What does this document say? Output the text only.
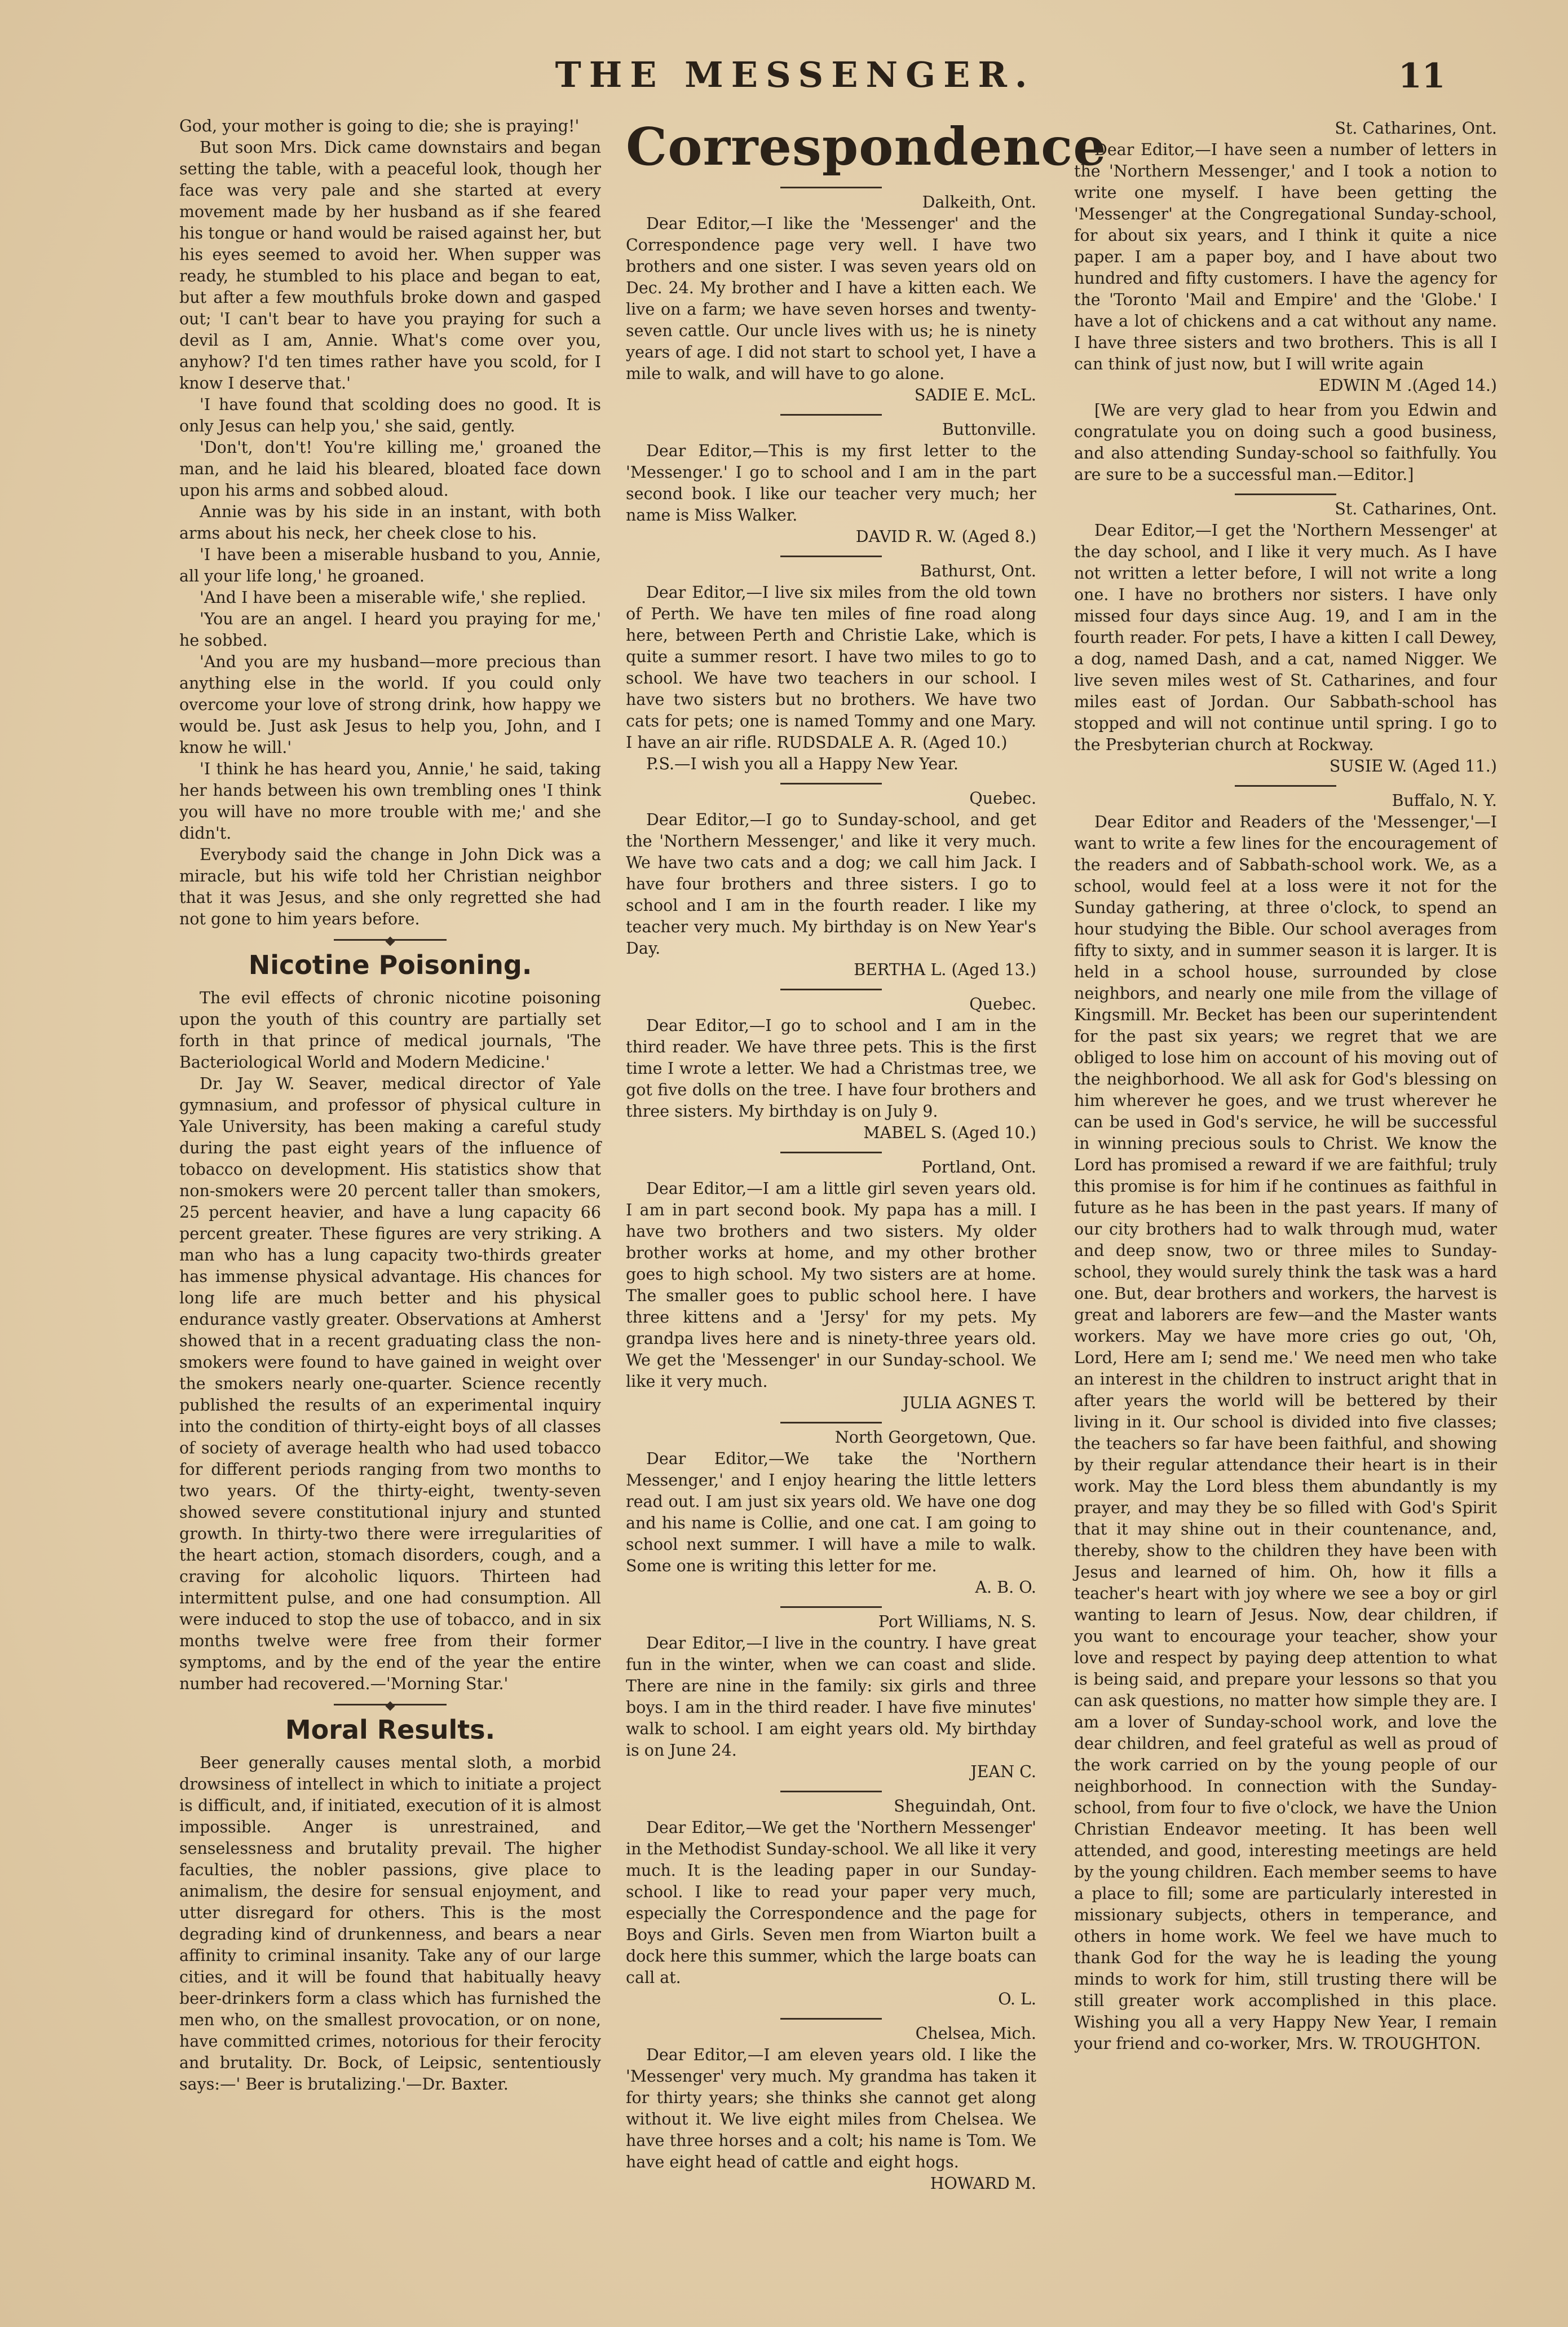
THE MESSENGER.	11

God, your mother is going to die; she is praying!'

But soon Mrs. Dick came downstairs and began setting the table, with a peaceful look, though her face was very pale and she started at every movement made by her husband as if she feared his tongue or hand would be raised against her, but his eyes seemed to avoid her. When supper was ready, he stumbled to his place and began to eat, but after a few mouthfuls broke down and gasped out; 'I can't bear to have you praying for such a devil as I am, Annie. What's come over you, anyhow? I'd ten times rather have you scold, for I know I deserve that.'

'I have found that scolding does no good. It is only Jesus can help you,' she said, gently.

'Don't, don't! You're killing me,' groaned the man, and he laid his bleared, bloated face down upon his arms and sobbed aloud.

Annie was by his side in an instant, with both arms about his neck, her cheek close to his.

'I have been a miserable husband to you, Annie, all your life long,' he groaned.

'And I have been a miserable wife,' she replied.

'You are an angel. I heard you praying for me,' he sobbed.

'And you are my husband—more precious than anything else in the world. If you could only overcome your love of strong drink, how happy we would be. Just ask Jesus to help you, John, and I know he will.'

'I think he has heard you, Annie,' he said, taking her hands between his own trembling ones 'I think you will have no more trouble with me;' and she didn't.

Everybody said the change in John Dick was a miracle, but his wife told her Christian neighbor that it was Jesus, and she only regretted she had not gone to him years before.

Nicotine Poisoning.

The evil effects of chronic nicotine poisoning upon the youth of this country are partially set forth in that prince of medical journals, 'The Bacteriological World and Modern Medicine.'

Dr. Jay W. Seaver, medical director of Yale gymnasium, and professor of physical culture in Yale University, has been making a careful study during the past eight years of the influence of tobacco on development. His statistics show that non-smokers were 20 percent taller than smokers, 25 percent heavier, and have a lung capacity 66 percent greater. These figures are very striking. A man who has a lung capacity two-thirds greater has immense physical advantage. His chances for long life are much better and his physical endurance vastly greater. Observations at Amherst showed that in a recent graduating class the non-smokers were found to have gained in weight over the smokers nearly one-quarter. Science recently published the results of an experimental inquiry into the condition of thirty-eight boys of all classes of society of average health who had used tobacco for different periods ranging from two months to two years. Of the thirty-eight, twenty-seven showed severe constitutional injury and stunted growth. In thirty-two there were irregularities of the heart action, stomach disorders, cough, and a craving for alcoholic liquors. Thirteen had intermittent pulse, and one had consumption. All were induced to stop the use of tobacco, and in six months twelve were free from their former symptoms, and by the end of the year the entire number had recovered.—'Morning Star.'

Moral Results.

Beer generally causes mental sloth, a morbid drowsiness of intellect in which to initiate a project is difficult, and, if initiated, execution of it is almost impossible. Anger is unrestrained, and senselessness and brutality prevail. The higher faculties, the nobler passions, give place to animalism, the desire for sensual enjoyment, and utter disregard for others. This is the most degrading kind of drunkenness, and bears a near affinity to criminal insanity. Take any of our large cities, and it will be found that habitually heavy beer-drinkers form a class which has furnished the men who, on the smallest provocation, or on none, have committed crimes, notorious for their ferocity and brutality. Dr. Bock, of Leipsic, sententiously says:—' Beer is brutalizing.'—Dr. Baxter.

Correspondence

Dalkeith, Ont.

Dear Editor,—I like the 'Messenger' and the Correspondence page very well. I have two brothers and one sister. I was seven years old on Dec. 24. My brother and I have a kitten each. We live on a farm; we have seven horses and twenty-seven cattle. Our uncle lives with us; he is ninety years of age. I did not start to school yet, I have a mile to walk, and will have to go alone.

SADIE E. McL.

Buttonville.

Dear Editor,—This is my first letter to the 'Messenger.' I go to school and I am in the part second book. I like our teacher very much; her name is Miss Walker.

DAVID R. W. (Aged 8.)

Bathurst, Ont.

Dear Editor,—I live six miles from the old town of Perth. We have ten miles of fine road along here, between Perth and Christie Lake, which is quite a summer resort. I have two miles to go to school. We have two teachers in our school. I have two sisters but no brothers. We have two cats for pets; one is named Tommy and one Mary. I have an air rifle. RUDSDALE A. R. (Aged 10.)

P.S.—I wish you all a Happy New Year.

Quebec.

Dear Editor,—I go to Sunday-school, and get the 'Northern Messenger,' and like it very much. We have two cats and a dog; we call him Jack. I have four brothers and three sisters. I go to school and I am in the fourth reader. I like my teacher very much. My birthday is on New Year's Day.

BERTHA L. (Aged 13.)

Quebec.

Dear Editor,—I go to school and I am in the third reader. We have three pets. This is the first time I wrote a letter. We had a Christmas tree, we got five dolls on the tree. I have four brothers and three sisters. My birthday is on July 9.

MABEL S. (Aged 10.)

Portland, Ont.

Dear Editor,—I am a little girl seven years old. I am in part second book. My papa has a mill. I have two brothers and two sisters. My older brother works at home, and my other brother goes to high school. My two sisters are at home. The smaller goes to public school here. I have three kittens and a 'Jersy' for my pets. My grandpa lives here and is ninety-three years old. We get the 'Messenger' in our Sunday-school. We like it very much.

JULIA AGNES T.

North Georgetown, Que.

Dear Editor,—We take the 'Northern Messenger,' and I enjoy hearing the little letters read out. I am just six years old. We have one dog and his name is Collie, and one cat. I am going to school next summer. I will have a mile to walk. Some one is writing this letter for me.

A. B. O.

Port Williams, N. S.

Dear Editor,—I live in the country. I have great fun in the winter, when we can coast and slide. There are nine in the family: six girls and three boys. I am in the third reader. I have five minutes' walk to school. I am eight years old. My birthday is on June 24.

JEAN C.

Sheguindah, Ont.

Dear Editor,—We get the 'Northern Messenger' in the Methodist Sunday-school. We all like it very much. It is the leading paper in our Sunday-school. I like to read your paper very much, especially the Correspondence and the page for Boys and Girls. Seven men from Wiarton built a dock here this summer, which the large boats can call at.

O. L.

Chelsea, Mich.

Dear Editor,—I am eleven years old. I like the 'Messenger' very much. My grandma has taken it for thirty years; she thinks she cannot get along without it. We live eight miles from Chelsea. We have three horses and a colt; his name is Tom. We have eight head of cattle and eight hogs.

HOWARD M.

St. Catharines, Ont.

Dear Editor,—I have seen a number of letters in the 'Northern Messenger,' and I took a notion to write one myself. I have been getting the 'Messenger' at the Congregational Sunday-school, for about six years, and I think it quite a nice paper. I am a paper boy, and I have about two hundred and fifty customers. I have the agency for the 'Toronto 'Mail and Empire' and the 'Globe.' I have a lot of chickens and a cat without any name. I have three sisters and two brothers. This is all I can think of just now, but I will write again

EDWIN M .(Aged 14.)

[We are very glad to hear from you Edwin and congratulate you on doing such a good business, and also attending Sunday-school so faithfully. You are sure to be a successful man.—Editor.]

St. Catharines, Ont.

Dear Editor,—I get the 'Northern Messenger' at the day school, and I like it very much. As I have not written a letter before, I will not write a long one. I have no brothers nor sisters. I have only missed four days since Aug. 19, and I am in the fourth reader. For pets, I have a kitten I call Dewey, a dog, named Dash, and a cat, named Nigger. We live seven miles west of St. Catharines, and four miles east of Jordan. Our Sabbath-school has stopped and will not continue until spring. I go to the Presbyterian church at Rockway.

SUSIE W. (Aged 11.)

Buffalo, N. Y.

Dear Editor and Readers of the 'Messenger,'—I want to write a few lines for the encouragement of the readers and of Sabbath-school work. We, as a school, would feel at a loss were it not for the Sunday gathering, at three o'clock, to spend an hour studying the Bible. Our school averages from fifty to sixty, and in summer season it is larger. It is held in a school house, surrounded by close neighbors, and nearly one mile from the village of Kingsmill. Mr. Becket has been our superintendent for the past six years; we regret that we are obliged to lose him on account of his moving out of the neighborhood. We all ask for God's blessing on him wherever he goes, and we trust wherever he can be used in God's service, he will be successful in winning precious souls to Christ. We know the Lord has promised a reward if we are faithful; truly this promise is for him if he continues as faithful in future as he has been in the past years. If many of our city brothers had to walk through mud, water and deep snow, two or three miles to Sunday-school, they would surely think the task was a hard one. But, dear brothers and workers, the harvest is great and laborers are few—and the Master wants workers. May we have more cries go out, 'Oh, Lord, Here am I; send me.' We need men who take an interest in the children to instruct aright that in after years the world will be bettered by their living in it. Our school is divided into five classes; the teachers so far have been faithful, and showing by their regular attendance their heart is in their work. May the Lord bless them abundantly is my prayer, and may they be so filled with God's Spirit that it may shine out in their countenance, and, thereby, show to the children they have been with Jesus and learned of him. Oh, how it fills a teacher's heart with joy where we see a boy or girl wanting to learn of Jesus. Now, dear children, if you want to encourage your teacher, show your love and respect by paying deep attention to what is being said, and prepare your lessons so that you can ask questions, no matter how simple they are. I am a lover of Sunday-school work, and love the dear children, and feel grateful as well as proud of the work carried on by the young people of our neighborhood. In connection with the Sunday-school, from four to five o'clock, we have the Union Christian Endeavor meeting. It has been well attended, and good, interesting meetings are held by the young children. Each member seems to have a place to fill; some are particularly interested in missionary subjects, others in temperance, and others in home work. We feel we have much to thank God for the way he is leading the young minds to work for him, still trusting there will be still greater work accomplished in this place. Wishing you all a very Happy New Year, I remain your friend and co-worker, Mrs. W. TROUGHTON.
